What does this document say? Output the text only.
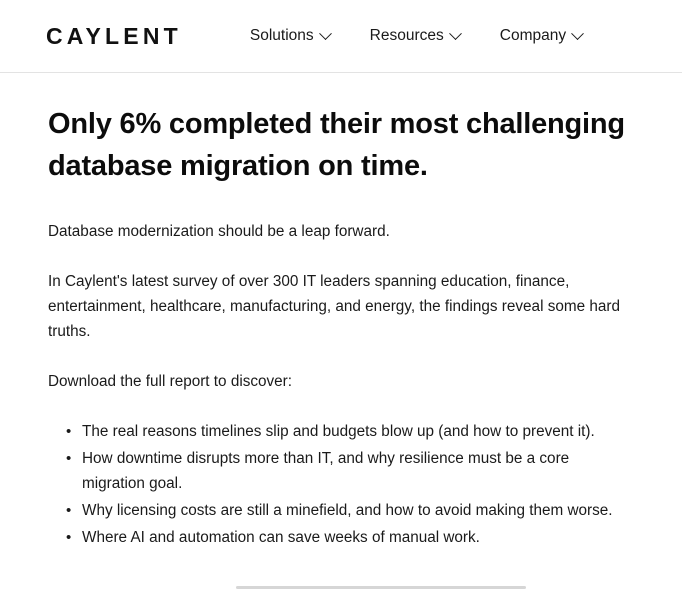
CAYLENT	Solutions	Resources	Company
Only 6% completed their most challenging database migration on time.

Database modernization should be a leap forward.

In Caylent's latest survey of over 300 IT leaders spanning education, finance, entertainment, healthcare, manufacturing, and energy, the findings reveal some hard truths.

Download the full report to discover:

• The real reasons timelines slip and budgets blow up (and how to prevent it).
• How downtime disrupts more than IT, and why resilience must be a core migration goal.
• Why licensing costs are still a minefield, and how to avoid making them worse.
• Where AI and automation can save weeks of manual work.
